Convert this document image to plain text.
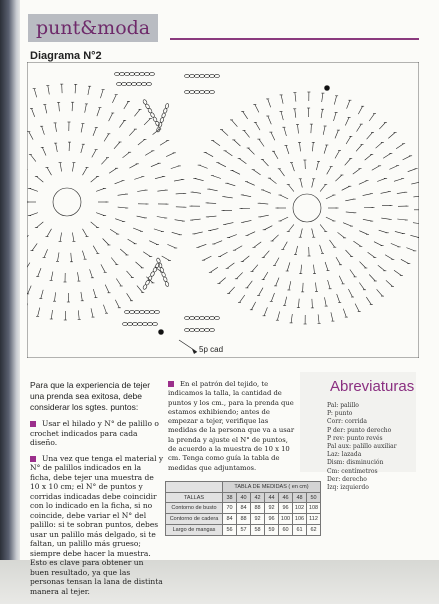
punt&moda
Diagrama N°2
5p cad

Para que la experiencia de tejer una prenda sea exitosa, debe considerar los sgtes. puntos:

Usar el hilado y N° de palillo o crochet indicados para cada diseño.

Una vez que tenga el material y N° de palillos indicados en la ficha, debe tejer una muestra de 10 x 10 cm; el N° de puntos y corridas indicadas debe coincidir con lo indicado en la ficha, si no coincide, debe variar el N° del palillo: si te sobran puntos, debes usar un palillo más delgado, si te faltan, un palillo más grueso; siempre debe hacer la muestra. Esto es clave para obtener un buen resultado, ya que las personas tensan la lana de distinta manera al tejer.

En el patrón del tejido, te indicamos la talla, la cantidad de puntos y los cm., para la prenda que estamos exhibiendo; antes de empezar a tejer, verifique las medidas de la persona que va a usar la prenda y ajuste el N° de puntos, de acuerdo a la muestra de 10 x 10 cm. Tenga como guía la tabla de medidas que adjuntamos.
Abreviaturas
Pal: palillo
P: punto
Corr: corrida
P der: punto derecho
P rev: punto revés
Pal aux: palillo auxiliar
Laz: lazada
Dism: disminución
Cm: centímetros
Der: derecho
Izq: izquierdo
	TABLA DE MEDIDAS ( en cm)						
TALLAS	38	40	42	44	46	48	50
Contorno de busto	70	84	88	92	96	102	108
Contorno de cadera	84	88	92	96	100	106	112
Largo de mangas	56	57	58	59	60	61	62
